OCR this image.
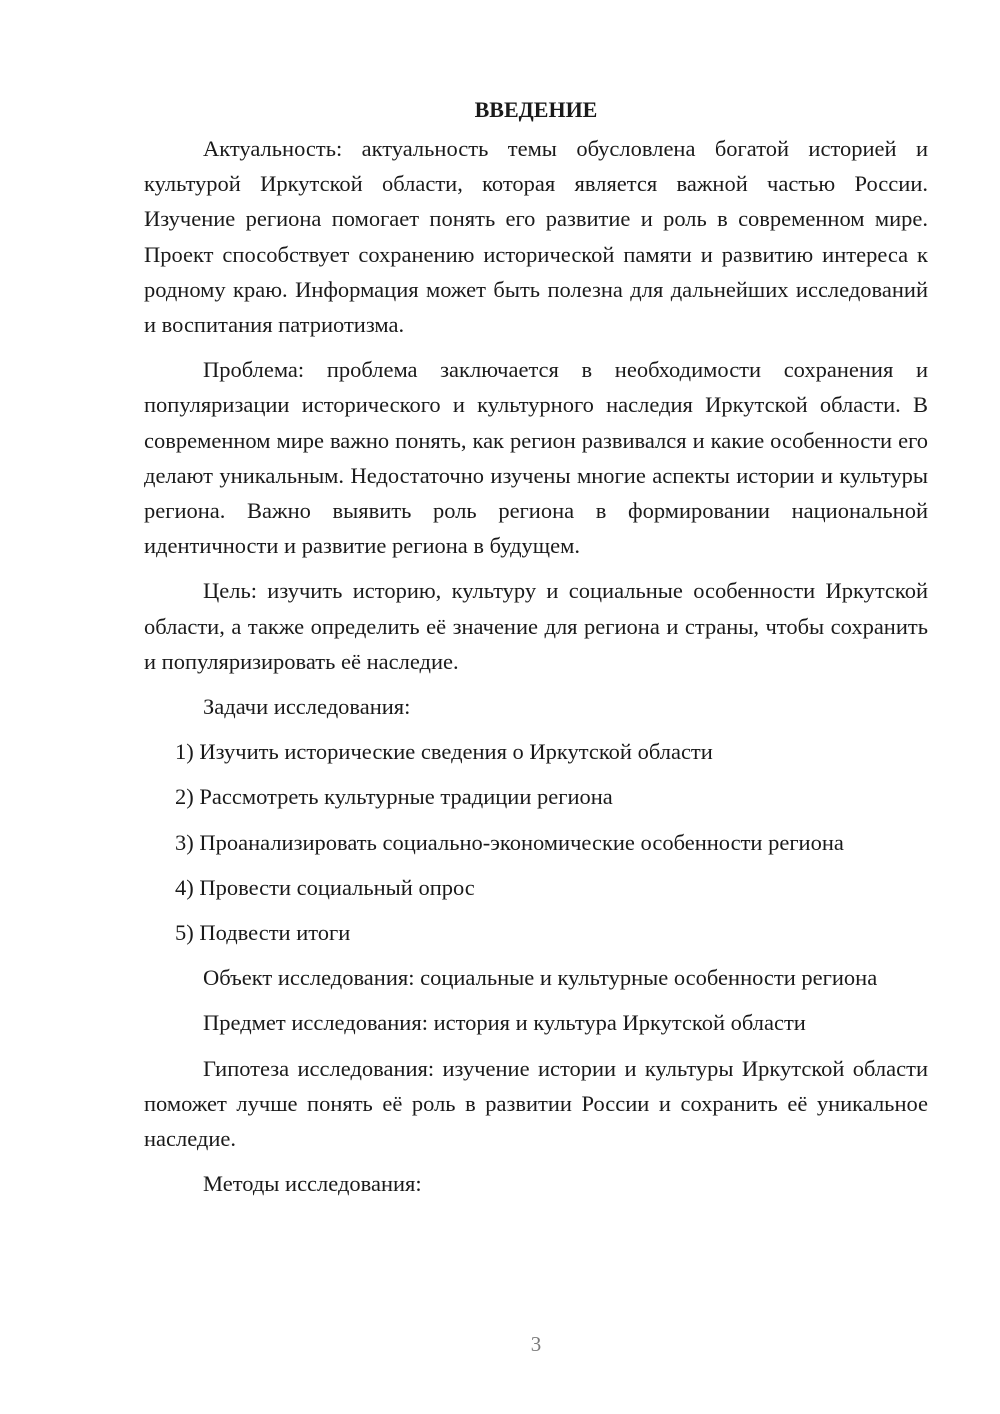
ВВЕДЕНИЕ

Актуальность: актуальность темы обусловлена богатой историей и культурой Иркутской области, которая является важной частью России. Изучение региона помогает понять его развитие и роль в современном мире. Проект способствует сохранению исторической памяти и развитию интереса к родному краю. Информация может быть полезна для дальнейших исследований и воспитания патриотизма.

Проблема: проблема заключается в необходимости сохранения и популяризации исторического и культурного наследия Иркутской области. В современном мире важно понять, как регион развивался и какие особенности его делают уникальным. Недостаточно изучены многие аспекты истории и культуры региона. Важно выявить роль региона в формировании национальной идентичности и развитие региона в будущем.

Цель: изучить историю, культуру и социальные особенности Иркутской области, а также определить её значение для региона и страны, чтобы сохранить и популяризировать её наследие.

Задачи исследования:

1) Изучить исторические сведения о Иркутской области
2) Рассмотреть культурные традиции региона
3) Проанализировать социально-экономические особенности региона
4) Провести социальный опрос
5) Подвести итоги

Объект исследования: социальные и культурные особенности региона

Предмет исследования: история и культура Иркутской области

Гипотеза исследования: изучение истории и культуры Иркутской области поможет лучше понять её роль в развитии России и сохранить её уникальное наследие.

Методы исследования:

3
